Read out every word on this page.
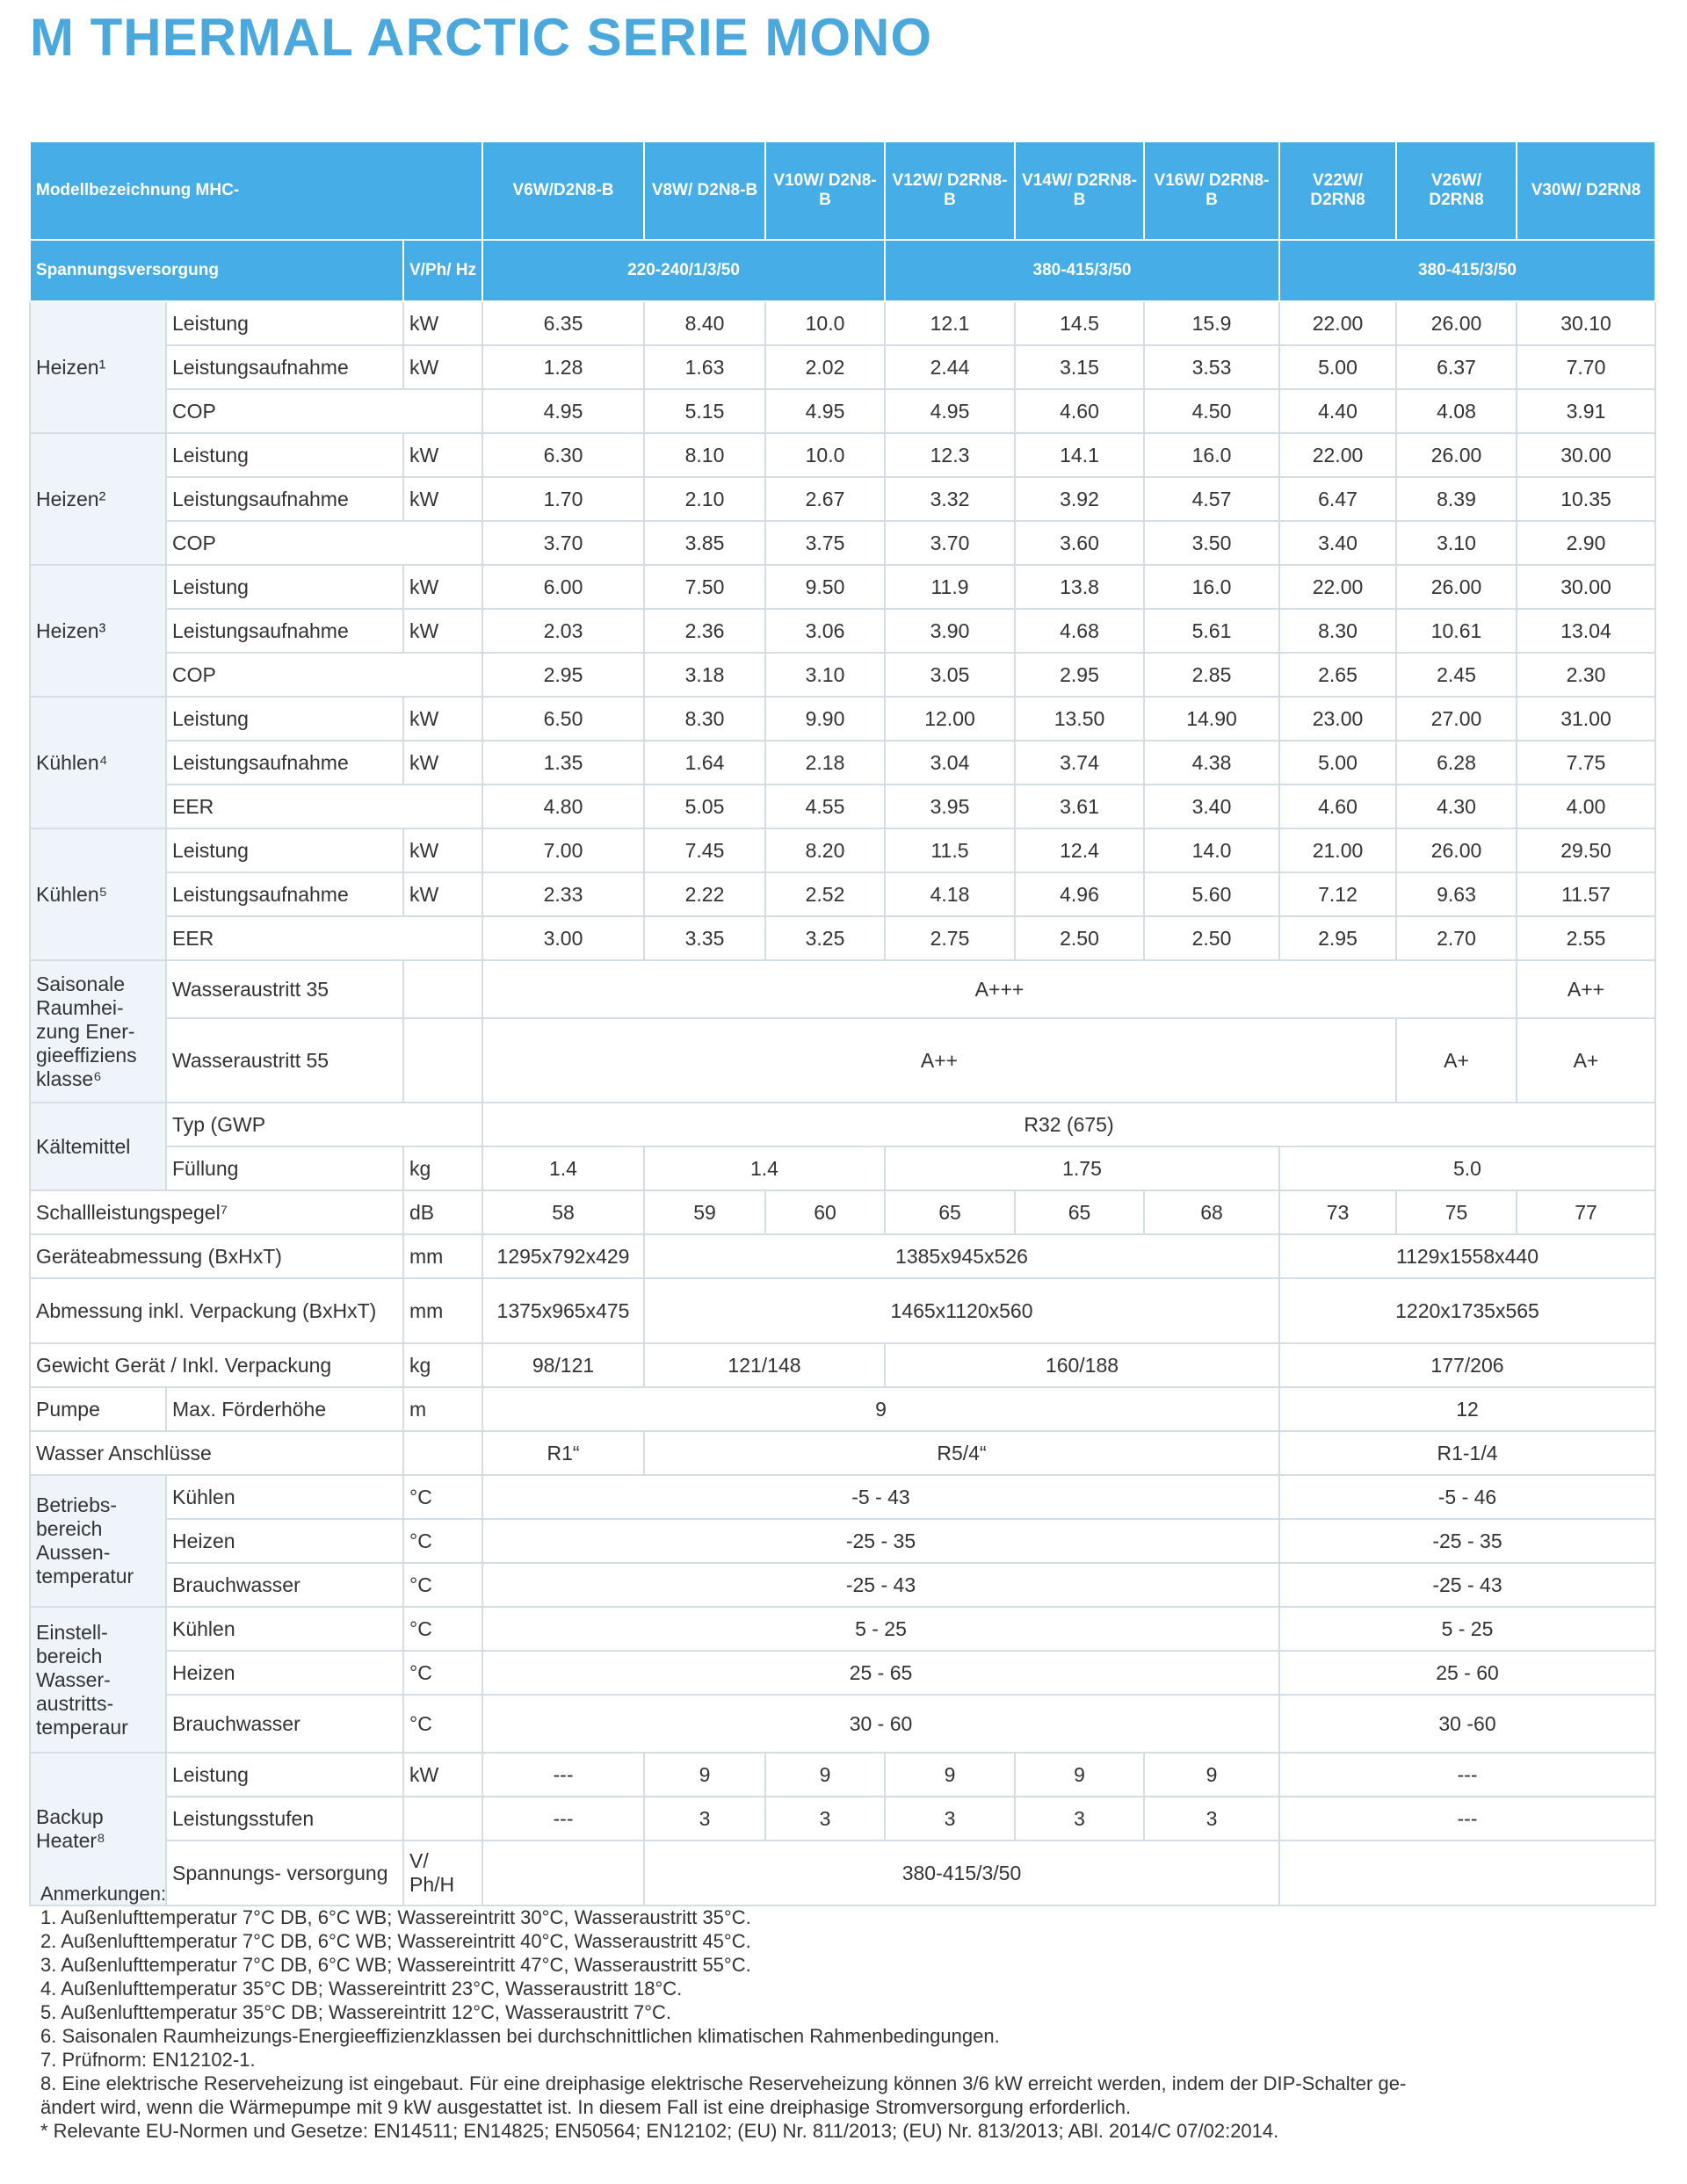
M THERMAL ARCTIC SERIE MONO
Modellbezeichnung MHC-			V6W/D2N8-B	V8W/ D2N8-B	V10W/ D2N8-B	V12W/ D2RN8-B	V14W/ D2RN8-B	V16W/ D2RN8-B	V22W/ D2RN8	V26W/ D2RN8	V30W/ D2RN8
Spannungsversorgung		V/Ph/ Hz	220-240/1/3/50			380-415/3/50			380-415/3/50		
Heizen¹	Leistung	kW	6.35	8.40	10.0	12.1	14.5	15.9	22.00	26.00	30.10
	Leistungsaufnahme	kW	1.28	1.63	2.02	2.44	3.15	3.53	5.00	6.37	7.70
	COP		4.95	5.15	4.95	4.95	4.60	4.50	4.40	4.08	3.91
Heizen²	Leistung	kW	6.30	8.10	10.0	12.3	14.1	16.0	22.00	26.00	30.00
	Leistungsaufnahme	kW	1.70	2.10	2.67	3.32	3.92	4.57	6.47	8.39	10.35
	COP		3.70	3.85	3.75	3.70	3.60	3.50	3.40	3.10	2.90
Heizen³	Leistung	kW	6.00	7.50	9.50	11.9	13.8	16.0	22.00	26.00	30.00
	Leistungsaufnahme	kW	2.03	2.36	3.06	3.90	4.68	5.61	8.30	10.61	13.04
	COP		2.95	3.18	3.10	3.05	2.95	2.85	2.65	2.45	2.30
Kühlen⁴	Leistung	kW	6.50	8.30	9.90	12.00	13.50	14.90	23.00	27.00	31.00
	Leistungsaufnahme	kW	1.35	1.64	2.18	3.04	3.74	4.38	5.00	6.28	7.75
	EER		4.80	5.05	4.55	3.95	3.61	3.40	4.60	4.30	4.00
Kühlen⁵	Leistung	kW	7.00	7.45	8.20	11.5	12.4	14.0	21.00	26.00	29.50
	Leistungsaufnahme	kW	2.33	2.22	2.52	4.18	4.96	5.60	7.12	9.63	11.57
	EER		3.00	3.35	3.25	2.75	2.50	2.50	2.95	2.70	2.55
Saisonale Raumhei- zung Ener- gieeffiziens klasse⁶	Wasseraustritt 35		A+++								A++
	Wasseraustritt 55		A++							A+	A+
Kältemittel	Typ (GWP		R32 (675)								
	Füllung	kg	1.4	1.4		1.75			5.0		
Schallleistungspegel⁷		dB	58	59	60	65	65	68	73	75	77
Geräteabmessung (BxHxT)		mm	1295x792x429	1385x945x526					1129x1558x440		
Abmessung inkl. Verpackung (BxHxT)		mm	1375x965x475	1465x1120x560					1220x1735x565		
Gewicht Gerät / Inkl. Verpackung		kg	98/121	121/148		160/188			177/206		
Pumpe	Max. Förderhöhe	m	9						12		
Wasser Anschlüsse			R1“	R5/4“					R1-1/4		
Betriebs- bereich Aussen- temperatur	Kühlen	°C	-5 - 43						-5 - 46		
	Heizen	°C	-25 - 35						-25 - 35		
	Brauchwasser	°C	-25 - 43						-25 - 43		
Einstell- bereich Wasser- austritts- temperaur	Kühlen	°C	5 - 25						5 - 25		
	Heizen	°C	25 - 65						25 - 60		
	Brauchwasser	°C	30 - 60						30 -60		
Backup Heater⁸	Leistung	kW	---	9	9	9	9	9	---		
	Leistungsstufen		---	3	3	3	3	3	---		
	Spannungs- versorgung	V/ Ph/H		380-415/3/50							

Anmerkungen:

1. Außenlufttemperatur 7°C DB, 6°C WB; Wassereintritt 30°C, Wasseraustritt 35°C.

2. Außenlufttemperatur 7°C DB, 6°C WB; Wassereintritt 40°C, Wasseraustritt 45°C.

3. Außenlufttemperatur 7°C DB, 6°C WB; Wassereintritt 47°C, Wasseraustritt 55°C.

4. Außenlufttemperatur 35°C DB; Wassereintritt 23°C, Wasseraustritt 18°C.

5. Außenlufttemperatur 35°C DB; Wassereintritt 12°C, Wasseraustritt 7°C.

6. Saisonalen Raumheizungs-Energieeffizienzklassen bei durchschnittlichen klimatischen Rahmenbedingungen.

7. Prüfnorm: EN12102-1.

8. Eine elektrische Reserveheizung ist eingebaut. Für eine dreiphasige elektrische Reserveheizung können 3/6 kW erreicht werden, indem der DIP-Schalter ge-

ändert wird, wenn die Wärmepumpe mit 9 kW ausgestattet ist. In diesem Fall ist eine dreiphasige Stromversorgung erforderlich.

* Relevante EU-Normen und Gesetze: EN14511; EN14825; EN50564; EN12102; (EU) Nr. 811/2013; (EU) Nr. 813/2013; ABl. 2014/C 07/02:2014.
